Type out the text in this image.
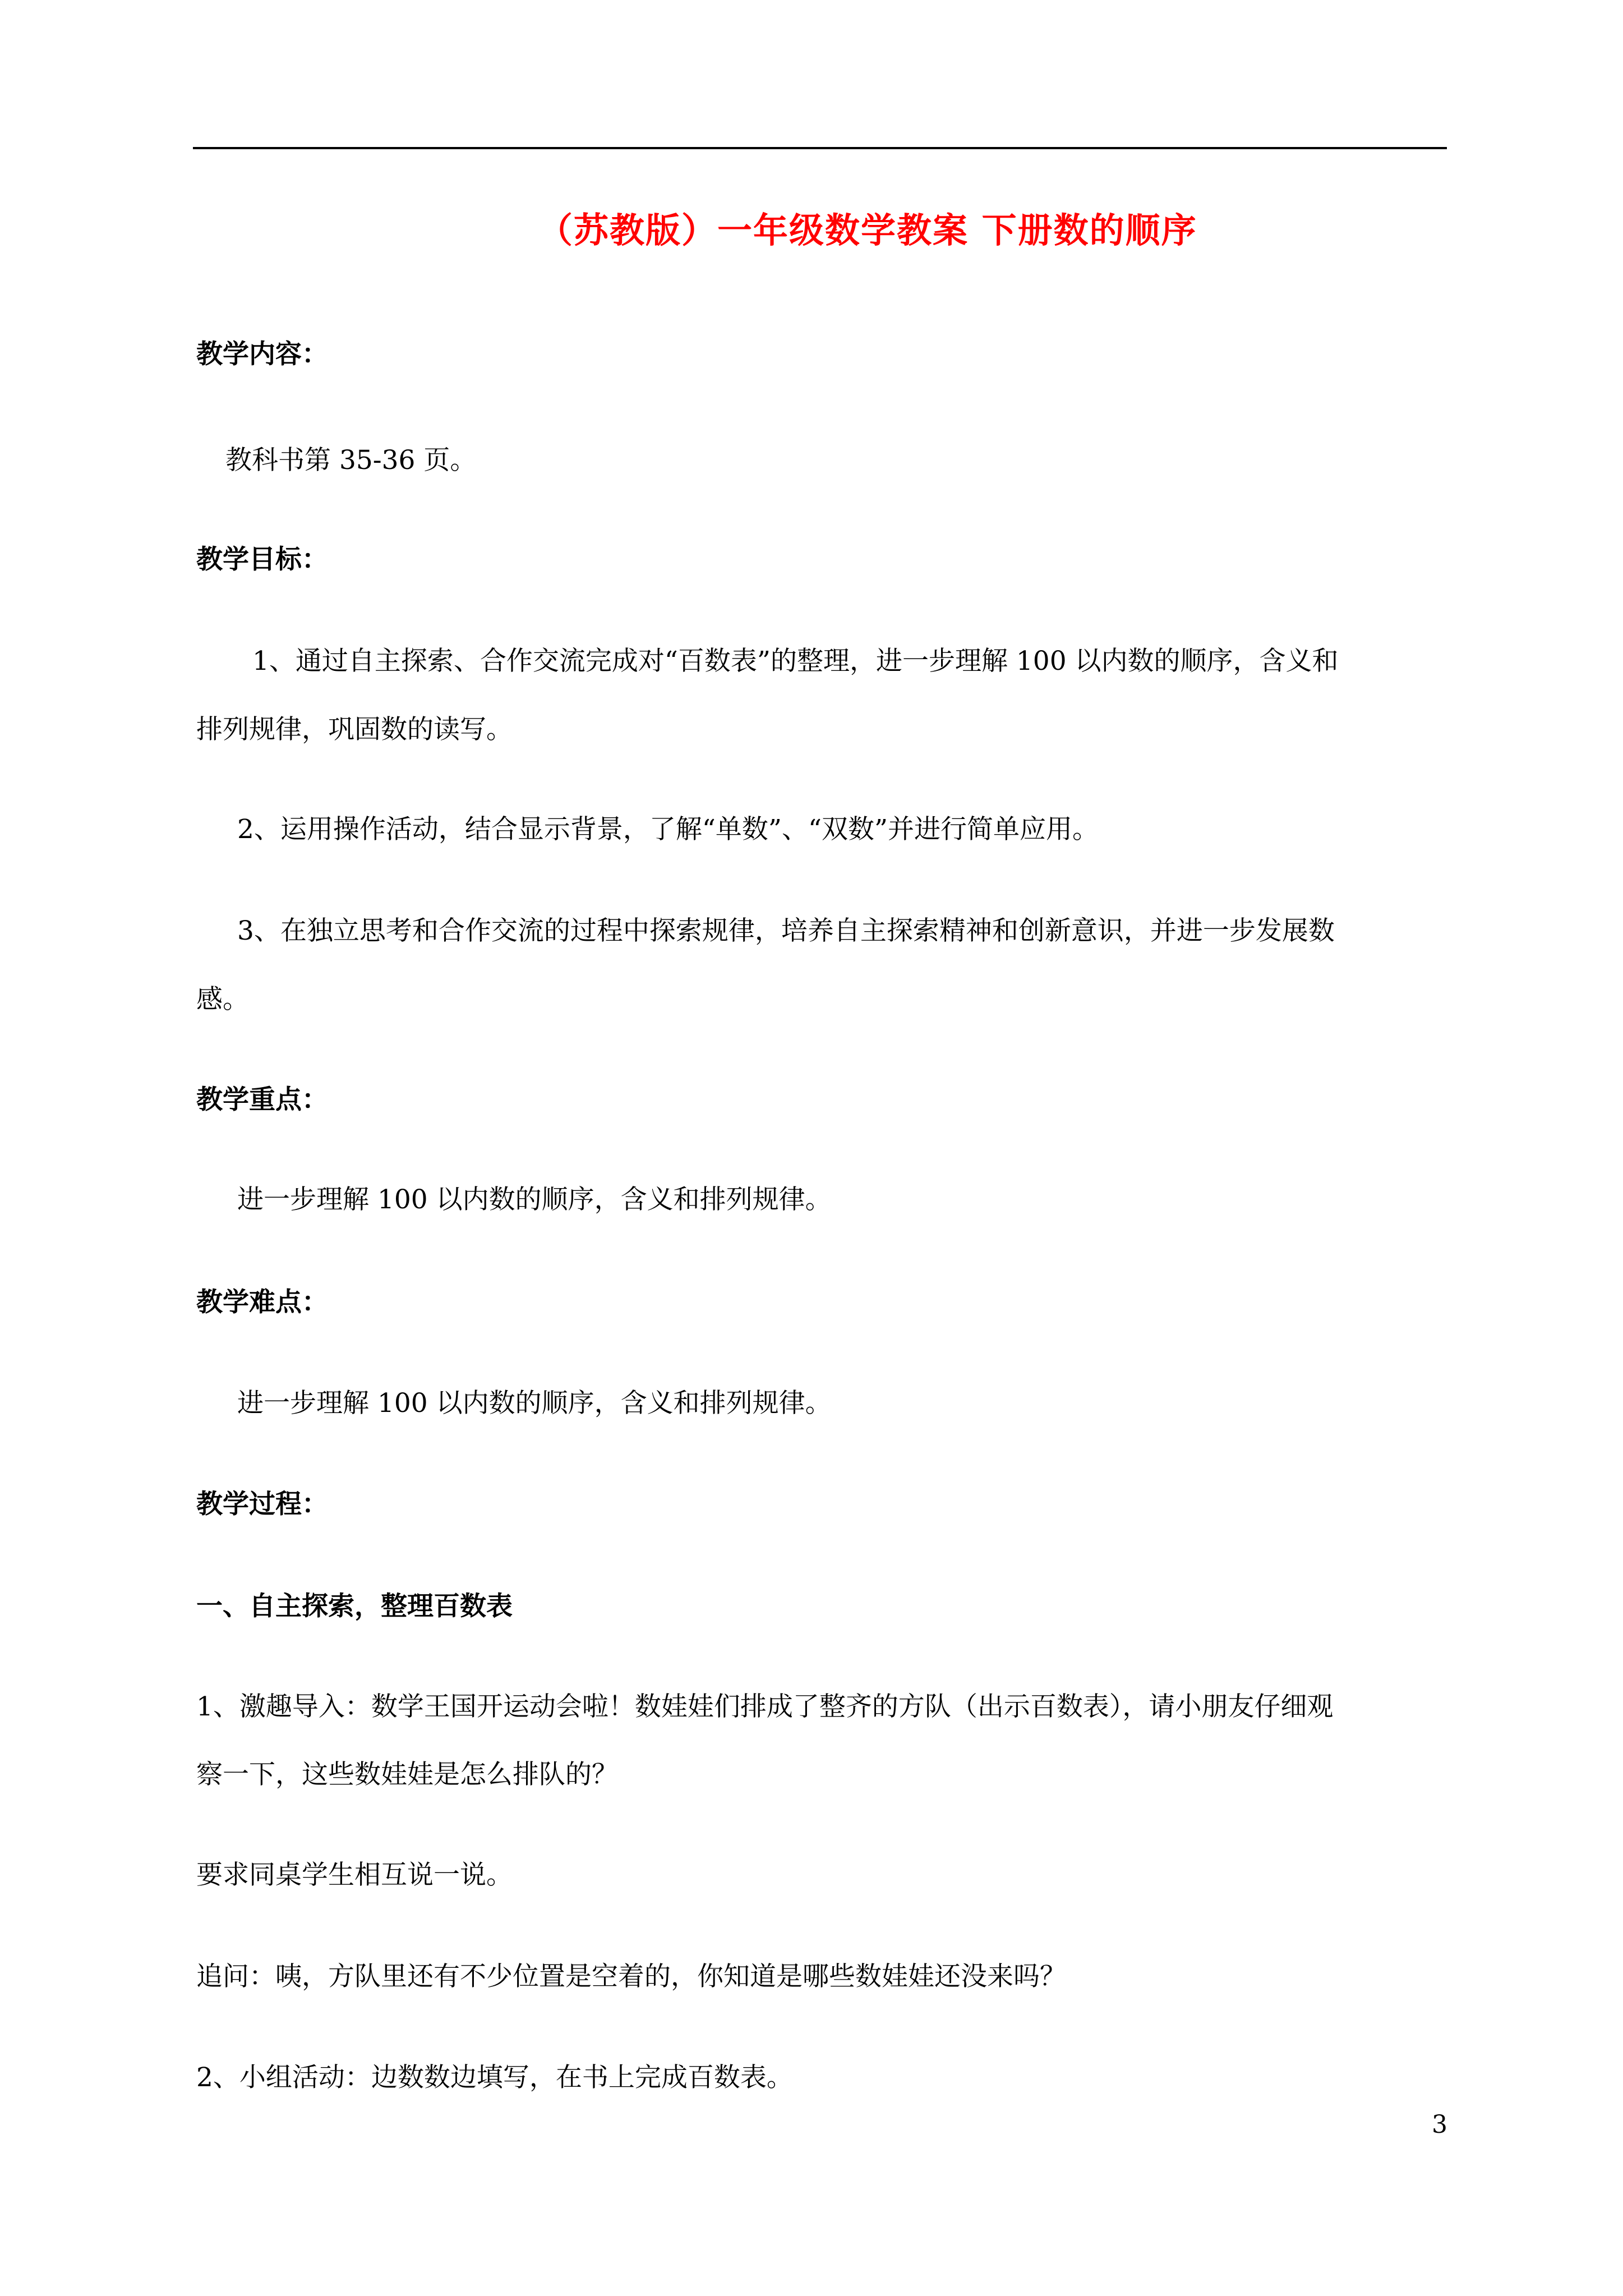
（苏教版）一年级数学教案 下册数的顺序
教学内容：
教科书第 35-36 页。
教学目标：
1、通过自主探索、合作交流完成对“百数表”的整理，进一步理解 100 以内数的顺序，含义和
排列规律，巩固数的读写。
2、运用操作活动，结合显示背景，了解“单数”、“双数”并进行简单应用。
3、在独立思考和合作交流的过程中探索规律，培养自主探索精神和创新意识，并进一步发展数
感。
教学重点：
进一步理解 100 以内数的顺序，含义和排列规律。
教学难点：
进一步理解 100 以内数的顺序，含义和排列规律。
教学过程：
一、自主探索，整理百数表
1、激趣导入：数学王国开运动会啦！数娃娃们排成了整齐的方队（出示百数表），请小朋友仔细观
察一下，这些数娃娃是怎么排队的？
要求同桌学生相互说一说。
追问：咦，方队里还有不少位置是空着的，你知道是哪些数娃娃还没来吗？
2、小组活动：边数数边填写，在书上完成百数表。
3
